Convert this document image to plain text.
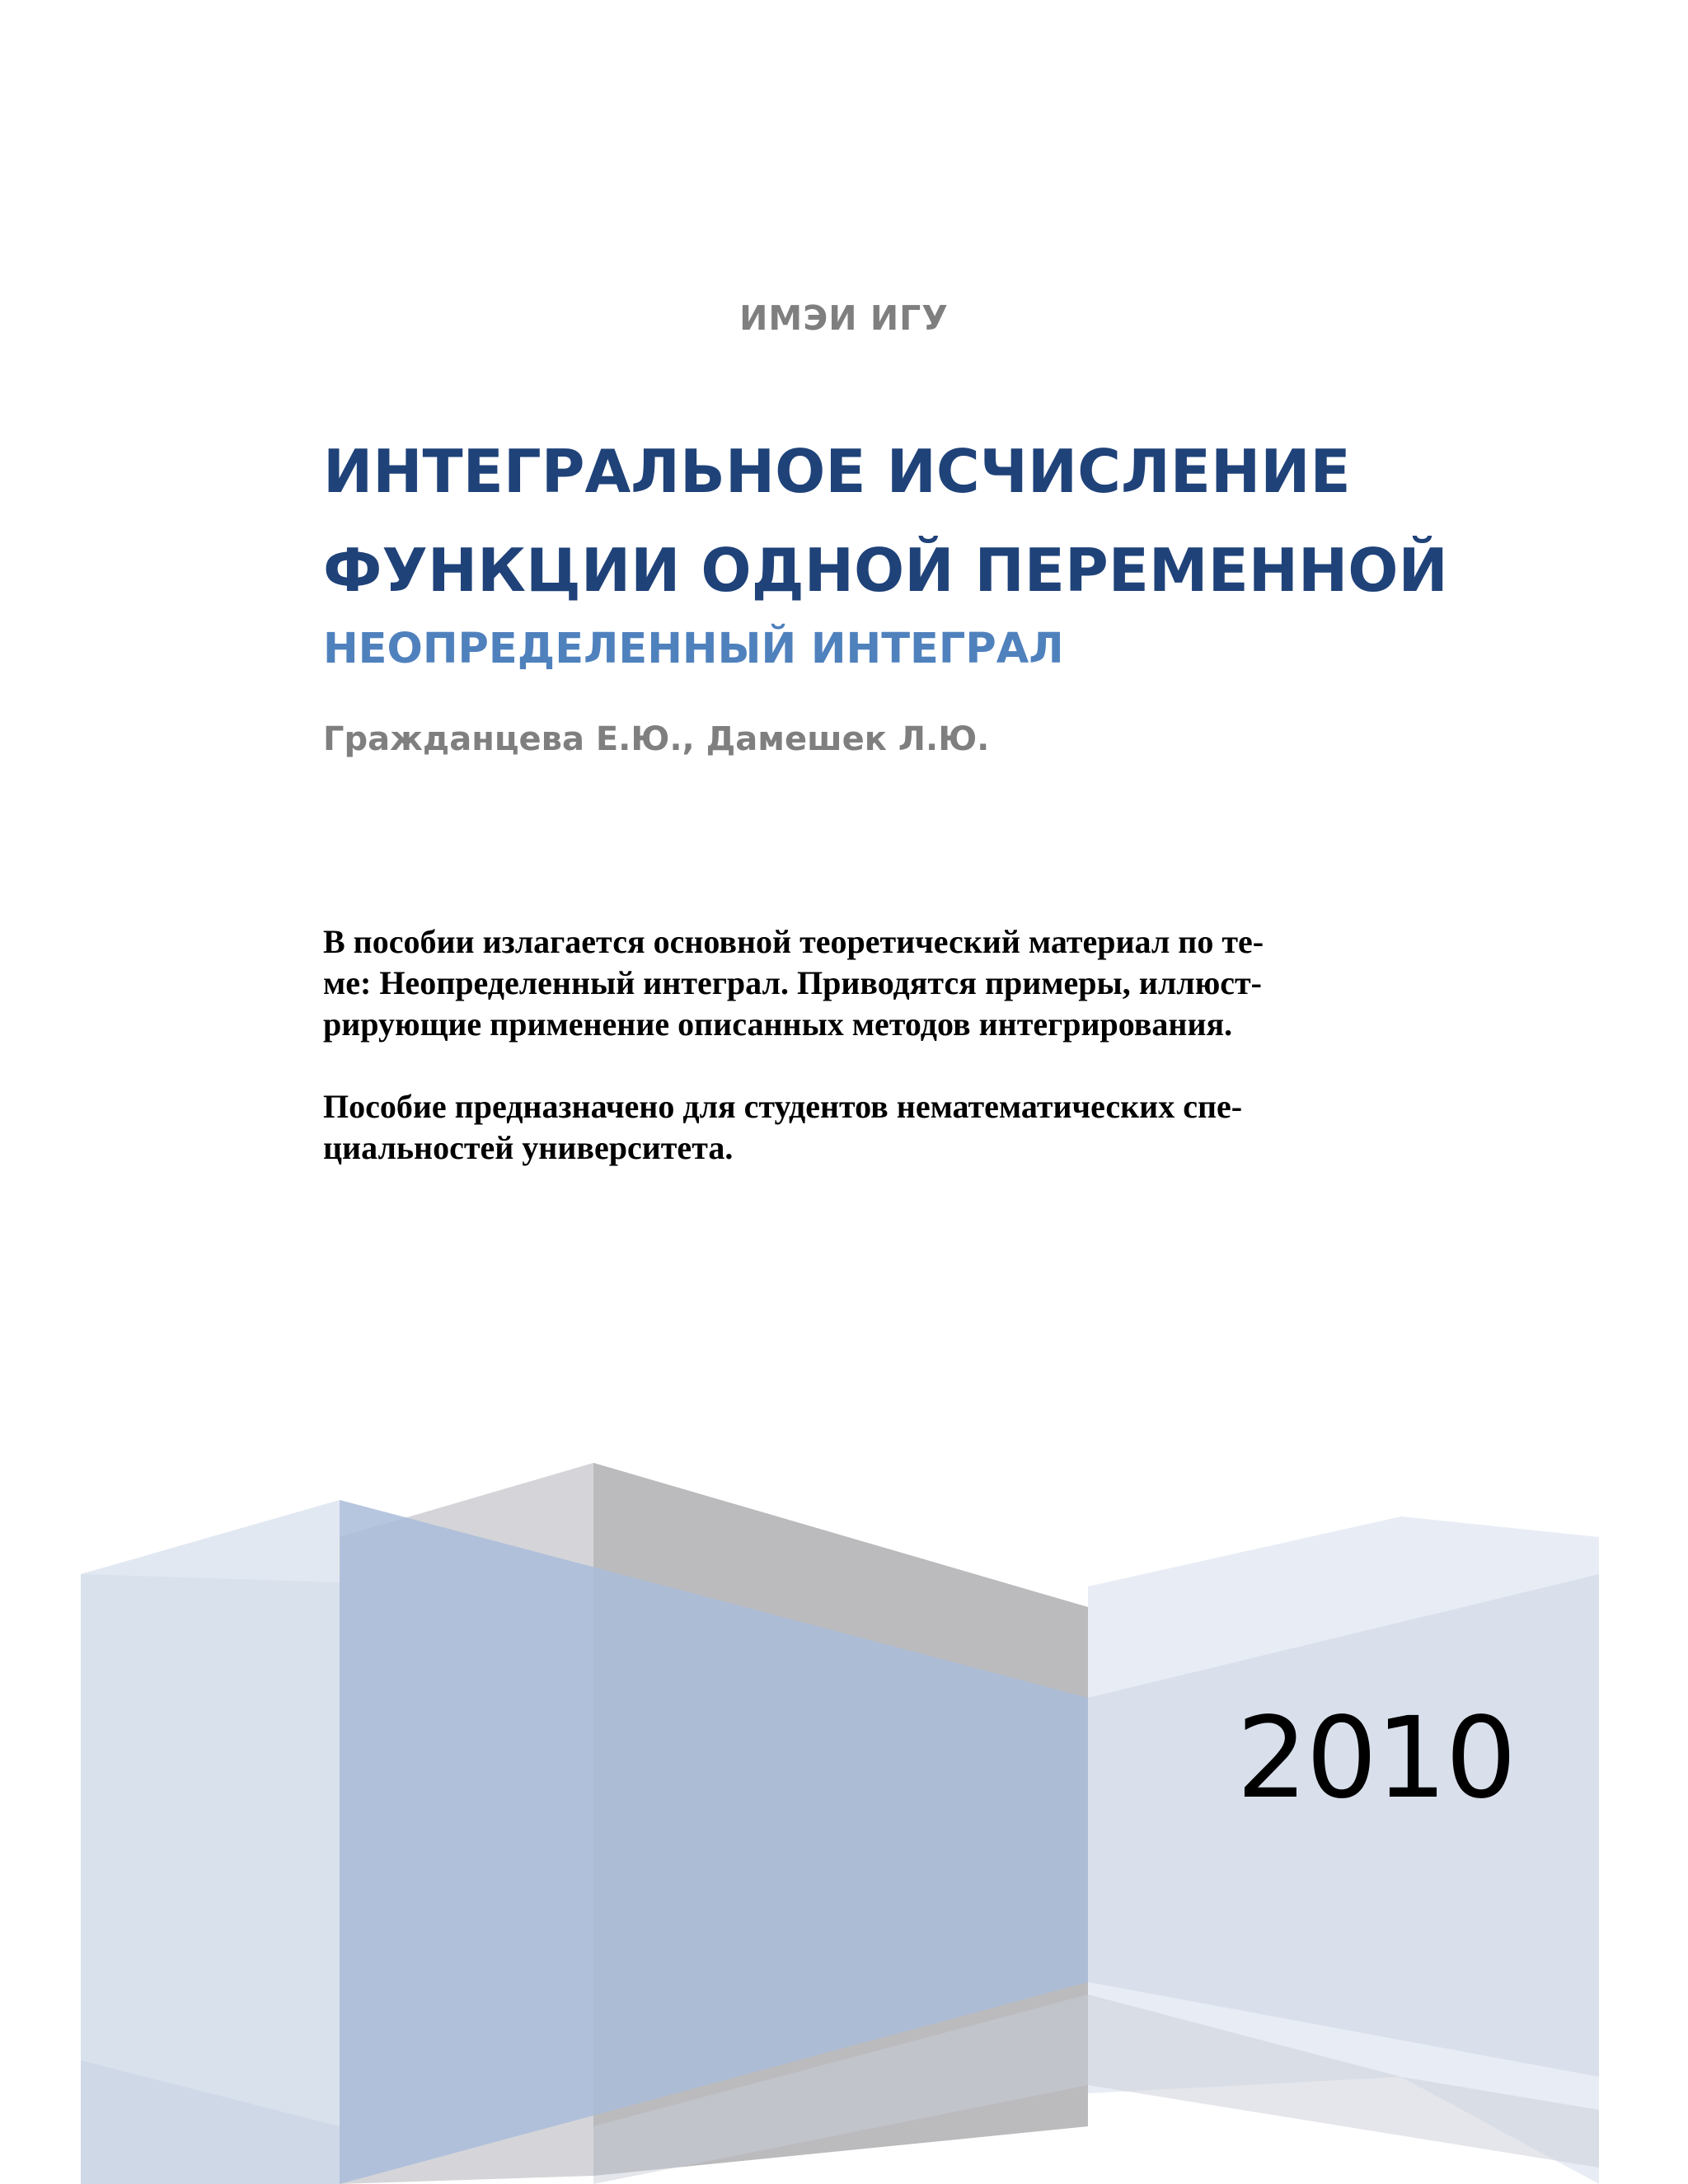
ИМЭИ ИГУ
ИНТЕГРАЛЬНОЕ ИСЧИСЛЕНИЕ
ФУНКЦИИ ОДНОЙ ПЕРЕМЕННОЙ
НЕОПРЕДЕЛЕННЫЙ ИНТЕГРАЛ
Гражданцева Е.Ю., Дамешек Л.Ю.
В пособии излагается основной теоретический материал по те-
ме: Неопределенный интеграл. Приводятся примеры, иллюст-
рирующие применение описанных методов интегрирования.
Пособие предназначено для студентов нематематических спе-
циальностей университета.
2010
